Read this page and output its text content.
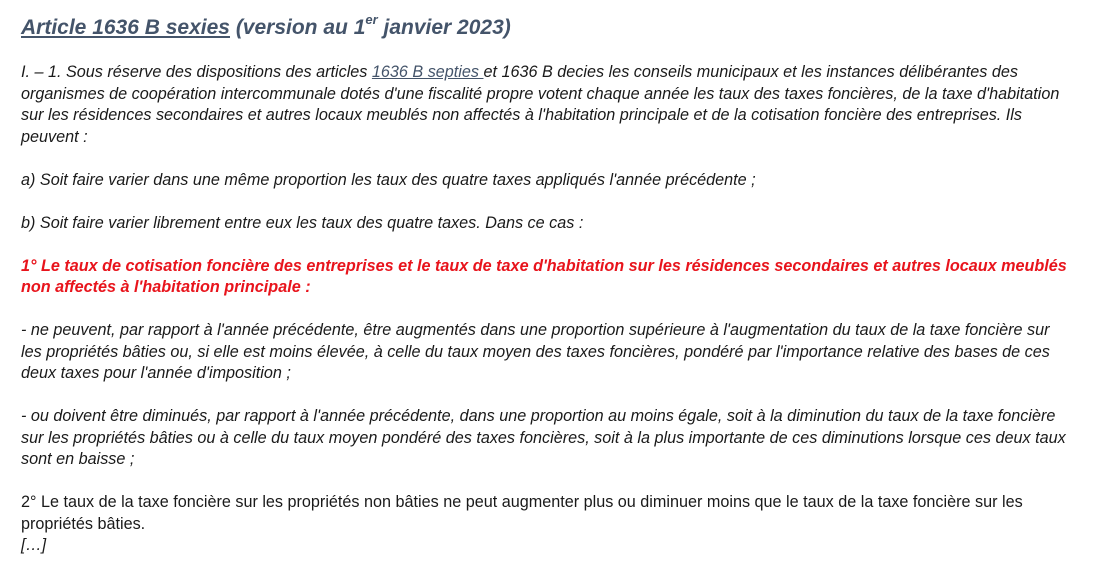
Article 1636 B sexies (version au 1er janvier 2023)

I. – 1. Sous réserve des dispositions des articles 1636 B septies et 1636 B decies les conseils municipaux et les instances délibérantes des organismes de coopération intercommunale dotés d'une fiscalité propre votent chaque année les taux des taxes foncières, de la taxe d'habitation sur les résidences secondaires et autres locaux meublés non affectés à l'habitation principale et de la cotisation foncière des entreprises. Ils peuvent :

a) Soit faire varier dans une même proportion les taux des quatre taxes appliqués l'année précédente ;

b) Soit faire varier librement entre eux les taux des quatre taxes. Dans ce cas :

1° Le taux de cotisation foncière des entreprises et le taux de taxe d'habitation sur les résidences secondaires et autres locaux meublés non affectés à l'habitation principale :

- ne peuvent, par rapport à l'année précédente, être augmentés dans une proportion supérieure à l'augmentation du taux de la taxe foncière sur les propriétés bâties ou, si elle est moins élevée, à celle du taux moyen des taxes foncières, pondéré par l'importance relative des bases de ces deux taxes pour l'année d'imposition ;

- ou doivent être diminués, par rapport à l'année précédente, dans une proportion au moins égale, soit à la diminution du taux de la taxe foncière sur les propriétés bâties ou à celle du taux moyen pondéré des taxes foncières, soit à la plus importante de ces diminutions lorsque ces deux taux sont en baisse ;

2° Le taux de la taxe foncière sur les propriétés non bâties ne peut augmenter plus ou diminuer moins que le taux de la taxe foncière sur les propriétés bâties.

[…]
